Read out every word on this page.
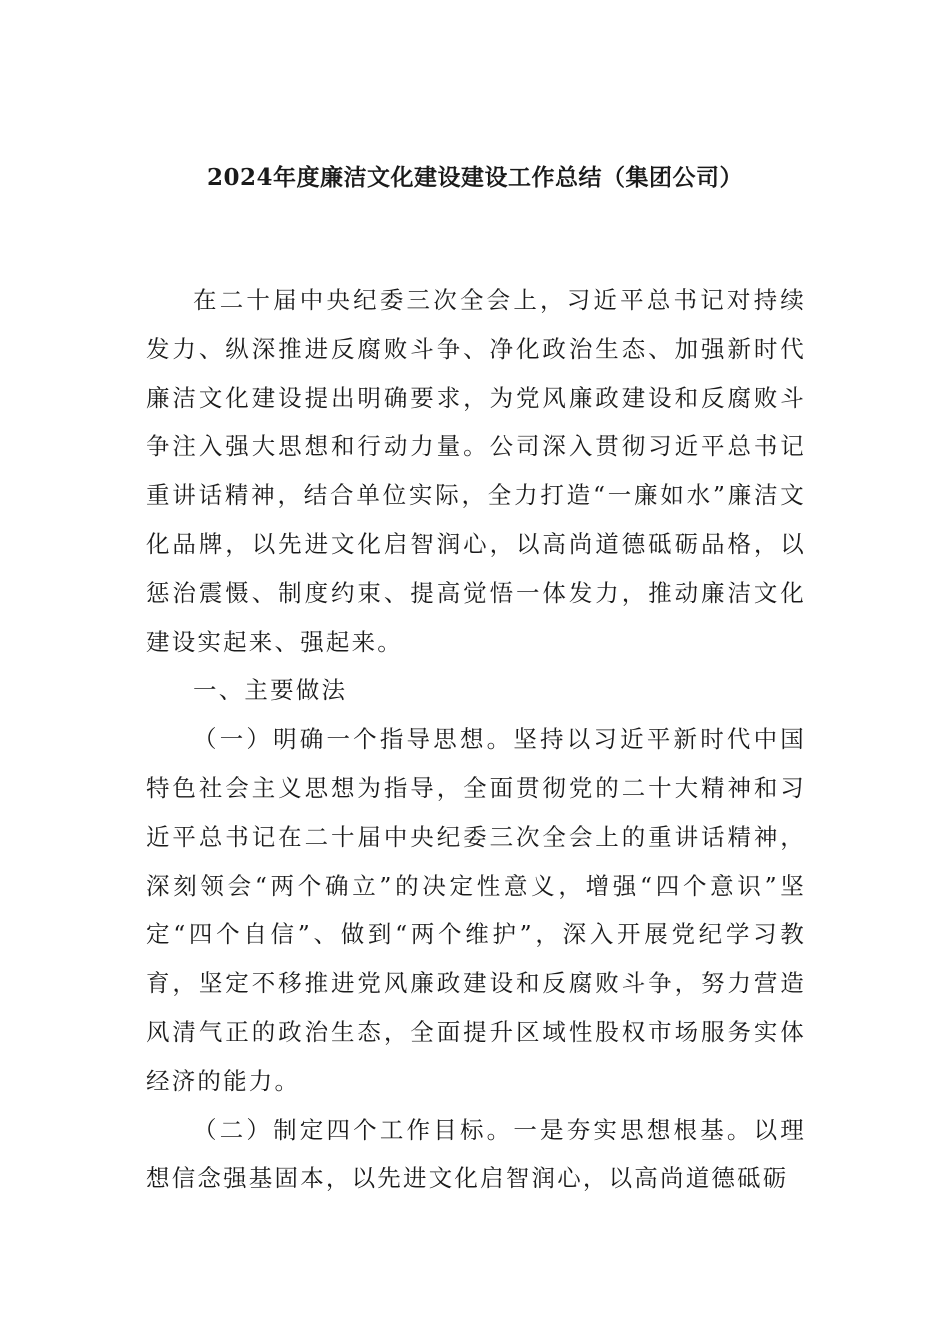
2024年度廉洁文化建设建设工作总结（集团公司）

在二十届中央纪委三次全会上，习近平总书记对持续发力、纵深推进反腐败斗争、净化政治生态、加强新时代廉洁文化建设提出明确要求，为党风廉政建设和反腐败斗争注入强大思想和行动力量。公司深入贯彻习近平总书记重讲话精神，结合单位实际，全力打造“一廉如水”廉洁文化品牌，以先进文化启智润心，以高尚道德砥砺品格，以惩治震慑、制度约束、提高觉悟一体发力，推动廉洁文化建设实起来、强起来。

一、主要做法

（一）明确一个指导思想。坚持以习近平新时代中国特色社会主义思想为指导，全面贯彻党的二十大精神和习近平总书记在二十届中央纪委三次全会上的重讲话精神，深刻领会“两个确立”的决定性意义，增强“四个意识”坚定“四个自信”、做到“两个维护”，深入开展党纪学习教育，坚定不移推进党风廉政建设和反腐败斗争，努力营造风清气正的政治生态，全面提升区域性股权市场服务实体经济的能力。

（二）制定四个工作目标。一是夯实思想根基。以理想信念强基固本，以先进文化启智润心，以高尚道德砥砺
